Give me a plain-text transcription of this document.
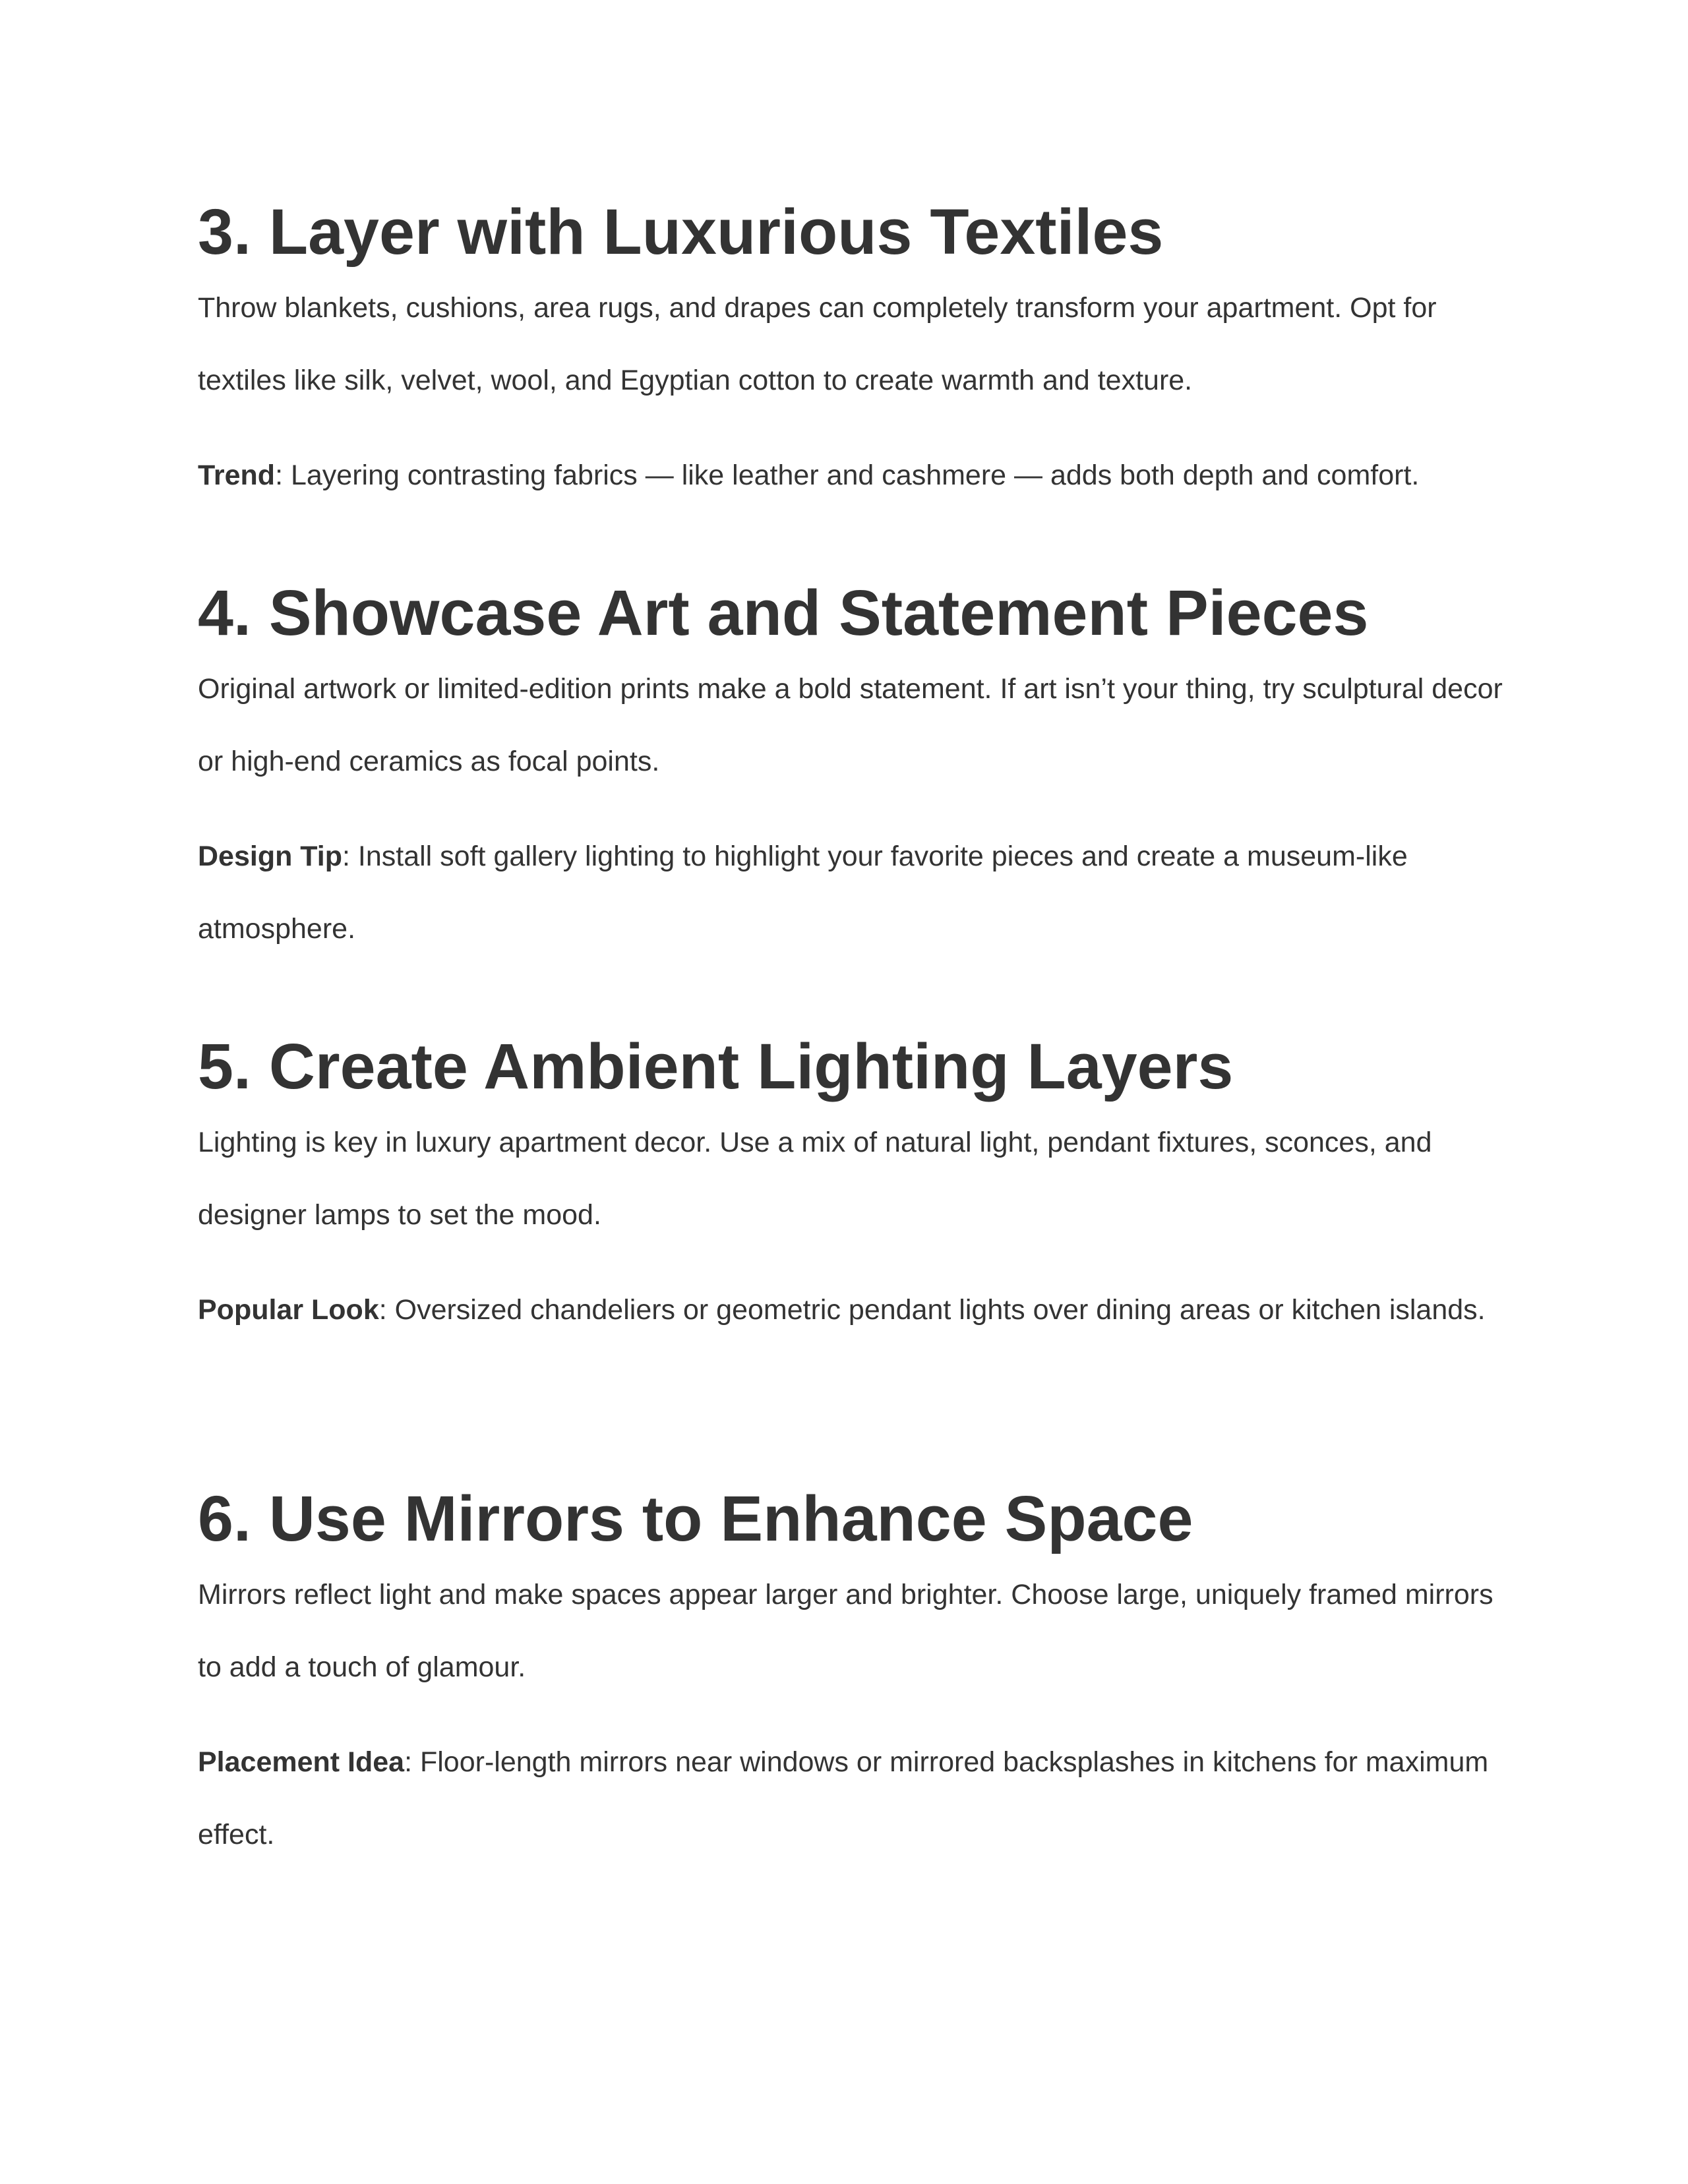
3. Layer with Luxurious Textiles

Throw blankets, cushions, area rugs, and drapes can completely transform your apartment. Opt for textiles like silk, velvet, wool, and Egyptian cotton to create warmth and texture.

Trend: Layering contrasting fabrics — like leather and cashmere — adds both depth and comfort.

4. Showcase Art and Statement Pieces

Original artwork or limited-edition prints make a bold statement. If art isn’t your thing, try sculptural decor or high-end ceramics as focal points.

Design Tip: Install soft gallery lighting to highlight your favorite pieces and create a museum-like atmosphere.

5. Create Ambient Lighting Layers

Lighting is key in luxury apartment decor. Use a mix of natural light, pendant fixtures, sconces, and designer lamps to set the mood.

Popular Look: Oversized chandeliers or geometric pendant lights over dining areas or kitchen islands.

6. Use Mirrors to Enhance Space

Mirrors reflect light and make spaces appear larger and brighter. Choose large, uniquely framed mirrors to add a touch of glamour.

Placement Idea: Floor-length mirrors near windows or mirrored backsplashes in kitchens for maximum effect.
